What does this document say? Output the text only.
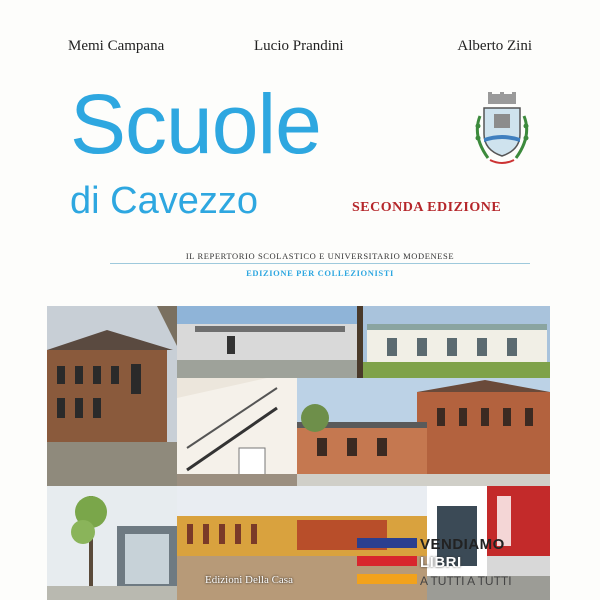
Memi Campana	Lucio Prandini	Alberto Zini
Scuole
di Cavezzo	SECONDA EDIZIONE
IL REPERTORIO SCOLASTICO E UNIVERSITARIO MODENESE
EDIZIONE PER COLLEZIONISTI
Edizioni Della Casa
VENDIAMO
LIBRI
A TUTTI A TUTTI
